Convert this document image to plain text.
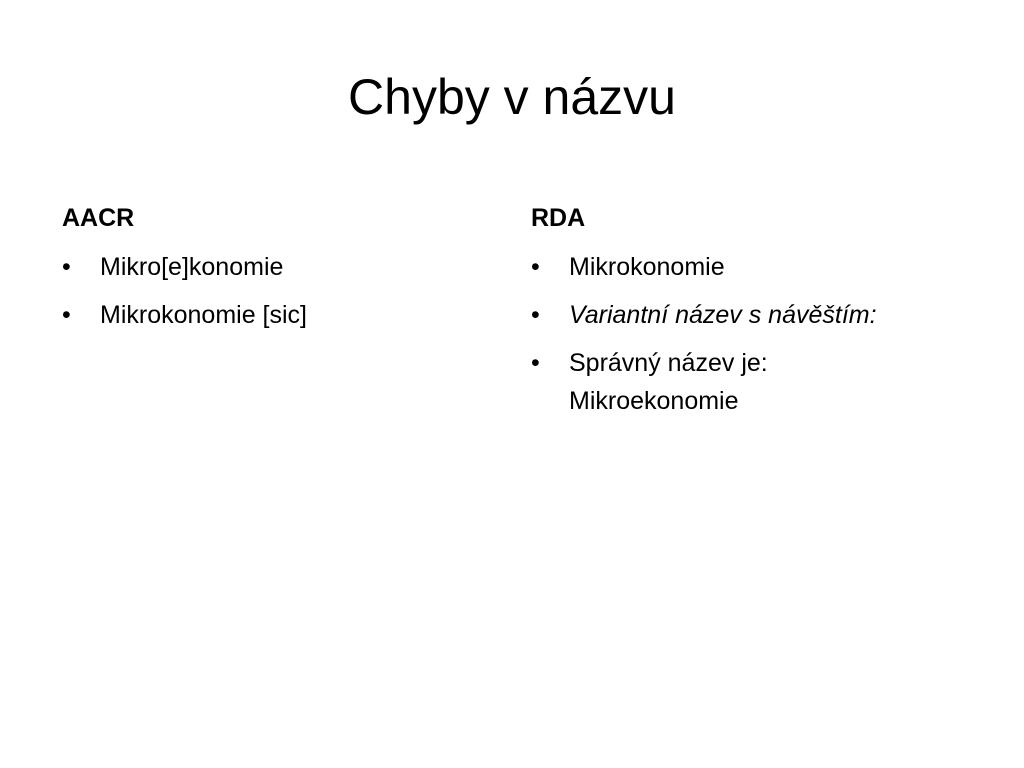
Chyby v názvu
AACR
•	Mikro[e]konomie
•	Mikrokonomie [sic]
RDA
•	Mikrokonomie
•	Variantní název s návěštím:
•	Správný název je:
Mikroekonomie
